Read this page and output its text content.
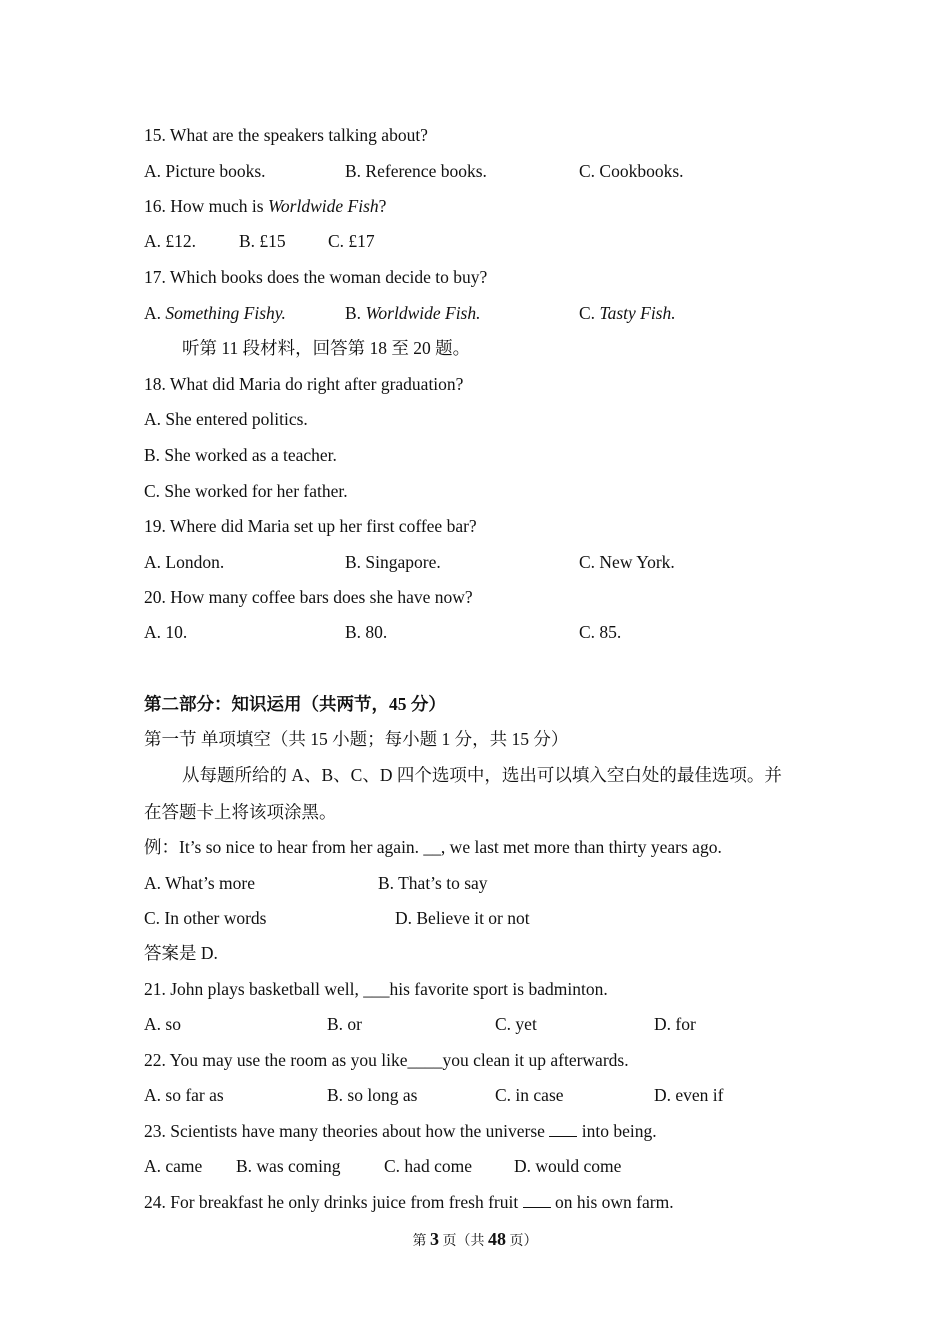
15. What are the speakers talking about?
A. Picture books.	B. Reference books.	C. Cookbooks.
16. How much is Worldwide Fish?
A. £12. B. £15 C. £17
17. Which books does the woman decide to buy?
A. Something Fishy.	B. Worldwide Fish.	C. Tasty Fish.
听第 11 段材料，回答第 18 至 20 题。
18. What did Maria do right after graduation?
A. She entered politics.
B. She worked as a teacher.
C. She worked for her father.
19. Where did Maria set up her first coffee bar?
A. London.	B. Singapore.	C. New York.
20. How many coffee bars does she have now?
A. 10.	B. 80.	C. 85.
第二部分：知识运用（共两节，45 分）
第一节 单项填空（共 15 小题；每小题 1 分，共 15 分）
从每题所给的 A、B、C、D 四个选项中，选出可以填入空白处的最佳选项。并
在答题卡上将该项涂黑。
例：It’s so nice to hear from her again. __, we last met more than thirty years ago.
A. What’s more	B. That’s to say
C. In other words	D. Believe it or not
答案是 D.
21. John plays basketball well, ___his favorite sport is badminton.
A. so	B. or	C. yet	D. for
22. You may use the room as you like____you clean it up afterwards.
A. so far as	B. so long as	C. in case	D. even if
23. Scientists have many theories about how the universe  into being.
A. came B. was coming C. had come D. would come
24. For breakfast he only drinks juice from fresh fruit  on his own farm.
第 3 页（共 48 页）
